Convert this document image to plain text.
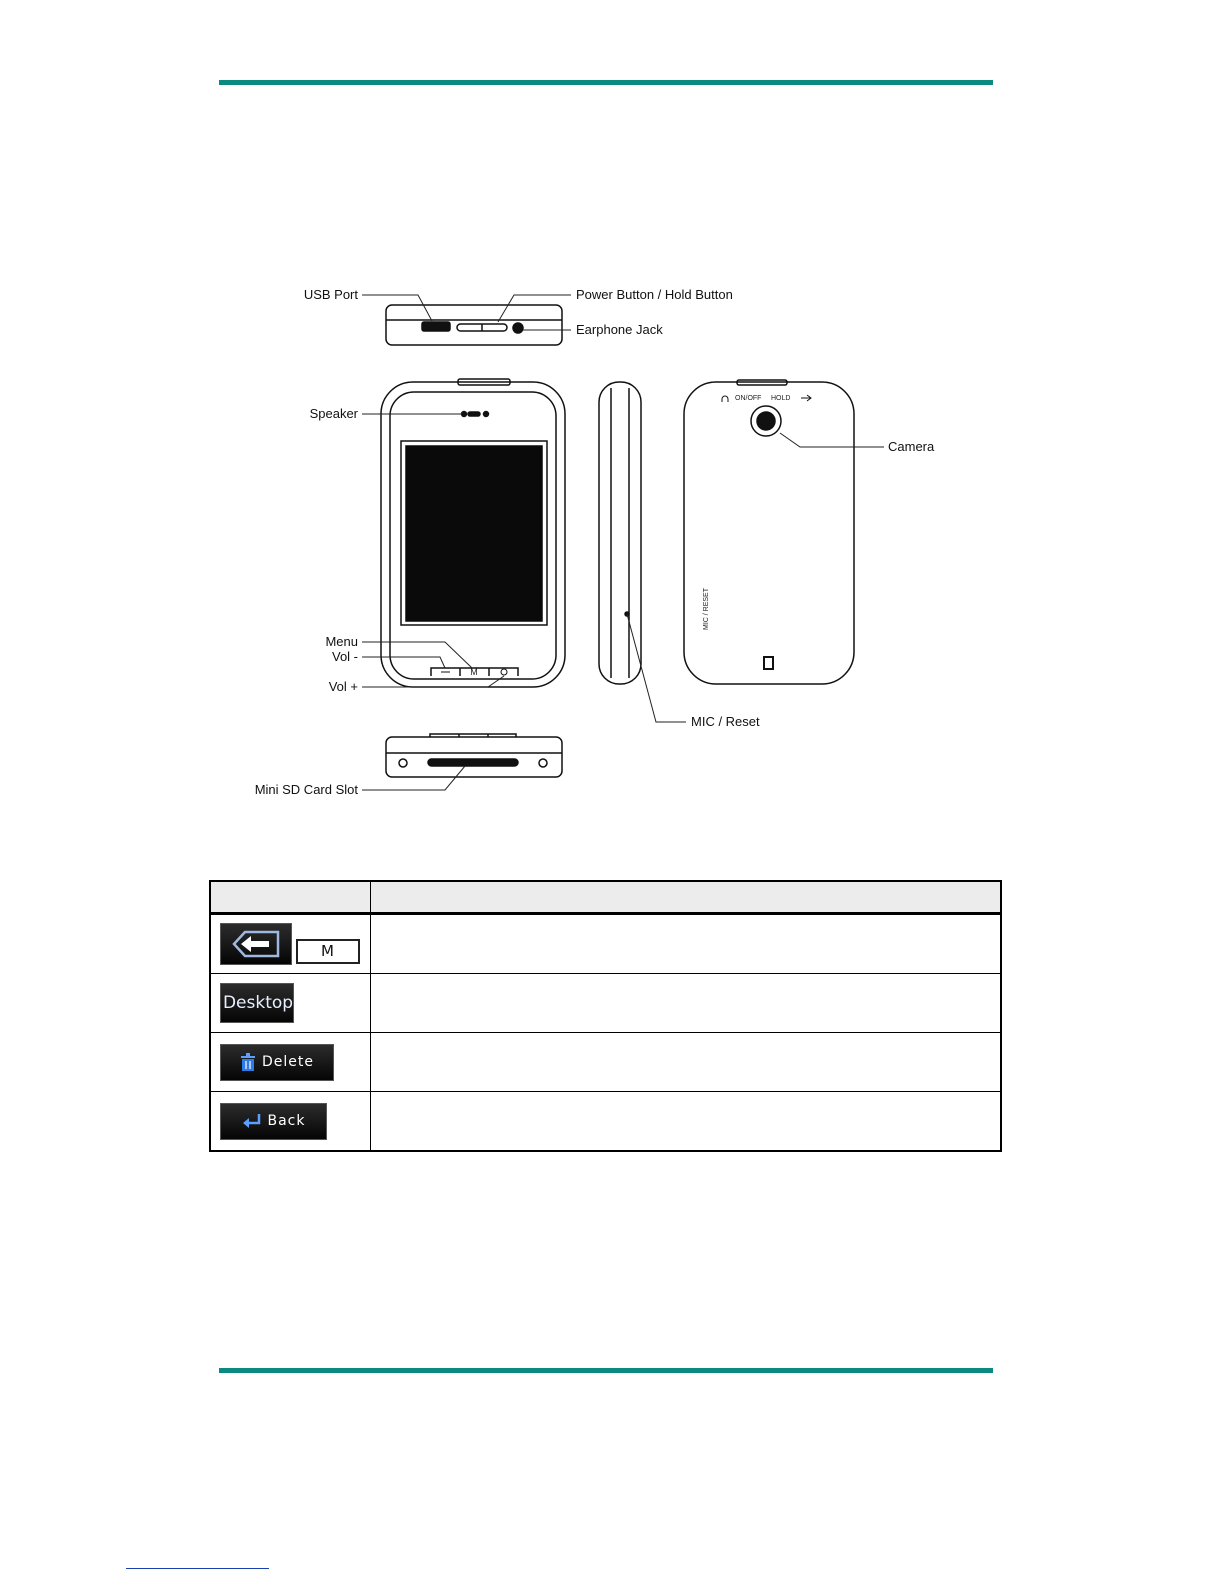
M
ON/OFF HOLD
MIC / RESET
USB Port	Power Button / Hold Button
Earphone Jack
Speaker
Camera
Menu
Vol -
Vol +
MIC / Reset
Mini SD Card Slot

M	

Desktop	

Delete	

Back	
